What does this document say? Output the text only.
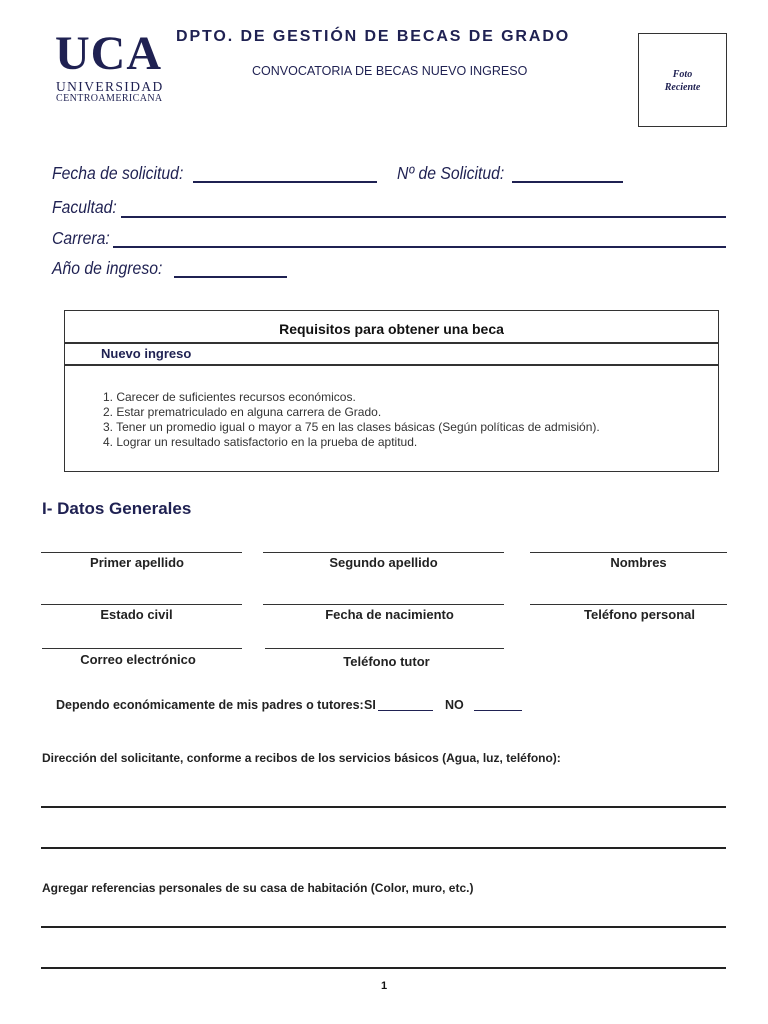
UCA
UNIVERSIDAD
CENTROAMERICANA
DPTO. DE GESTIÓN DE BECAS DE GRADO
CONVOCATORIA DE BECAS NUEVO INGRESO	Foto
Reciente
Fecha de solicitud:	Nº de Solicitud:
Facultad:
Carrera:
Año de ingreso:
Requisitos para obtener una beca
Nuevo ingreso
1. Carecer de suficientes recursos económicos.
2. Estar prematriculado en alguna carrera de Grado.
3. Tener un promedio igual o mayor a 75 en las clases básicas (Según políticas de admisión).
4. Lograr un resultado satisfactorio en la prueba de aptitud.
I- Datos Generales
Primer apellido	Segundo apellido	Nombres
Estado civil	Fecha de nacimiento	Teléfono personal
Correo electrónico	Teléfono tutor
Dependo económicamente de mis padres o tutores: SI	NO
Dirección del solicitante, conforme a recibos de los servicios básicos (Agua, luz, teléfono):
Agregar referencias personales de su casa de habitación (Color, muro, etc.)
1
